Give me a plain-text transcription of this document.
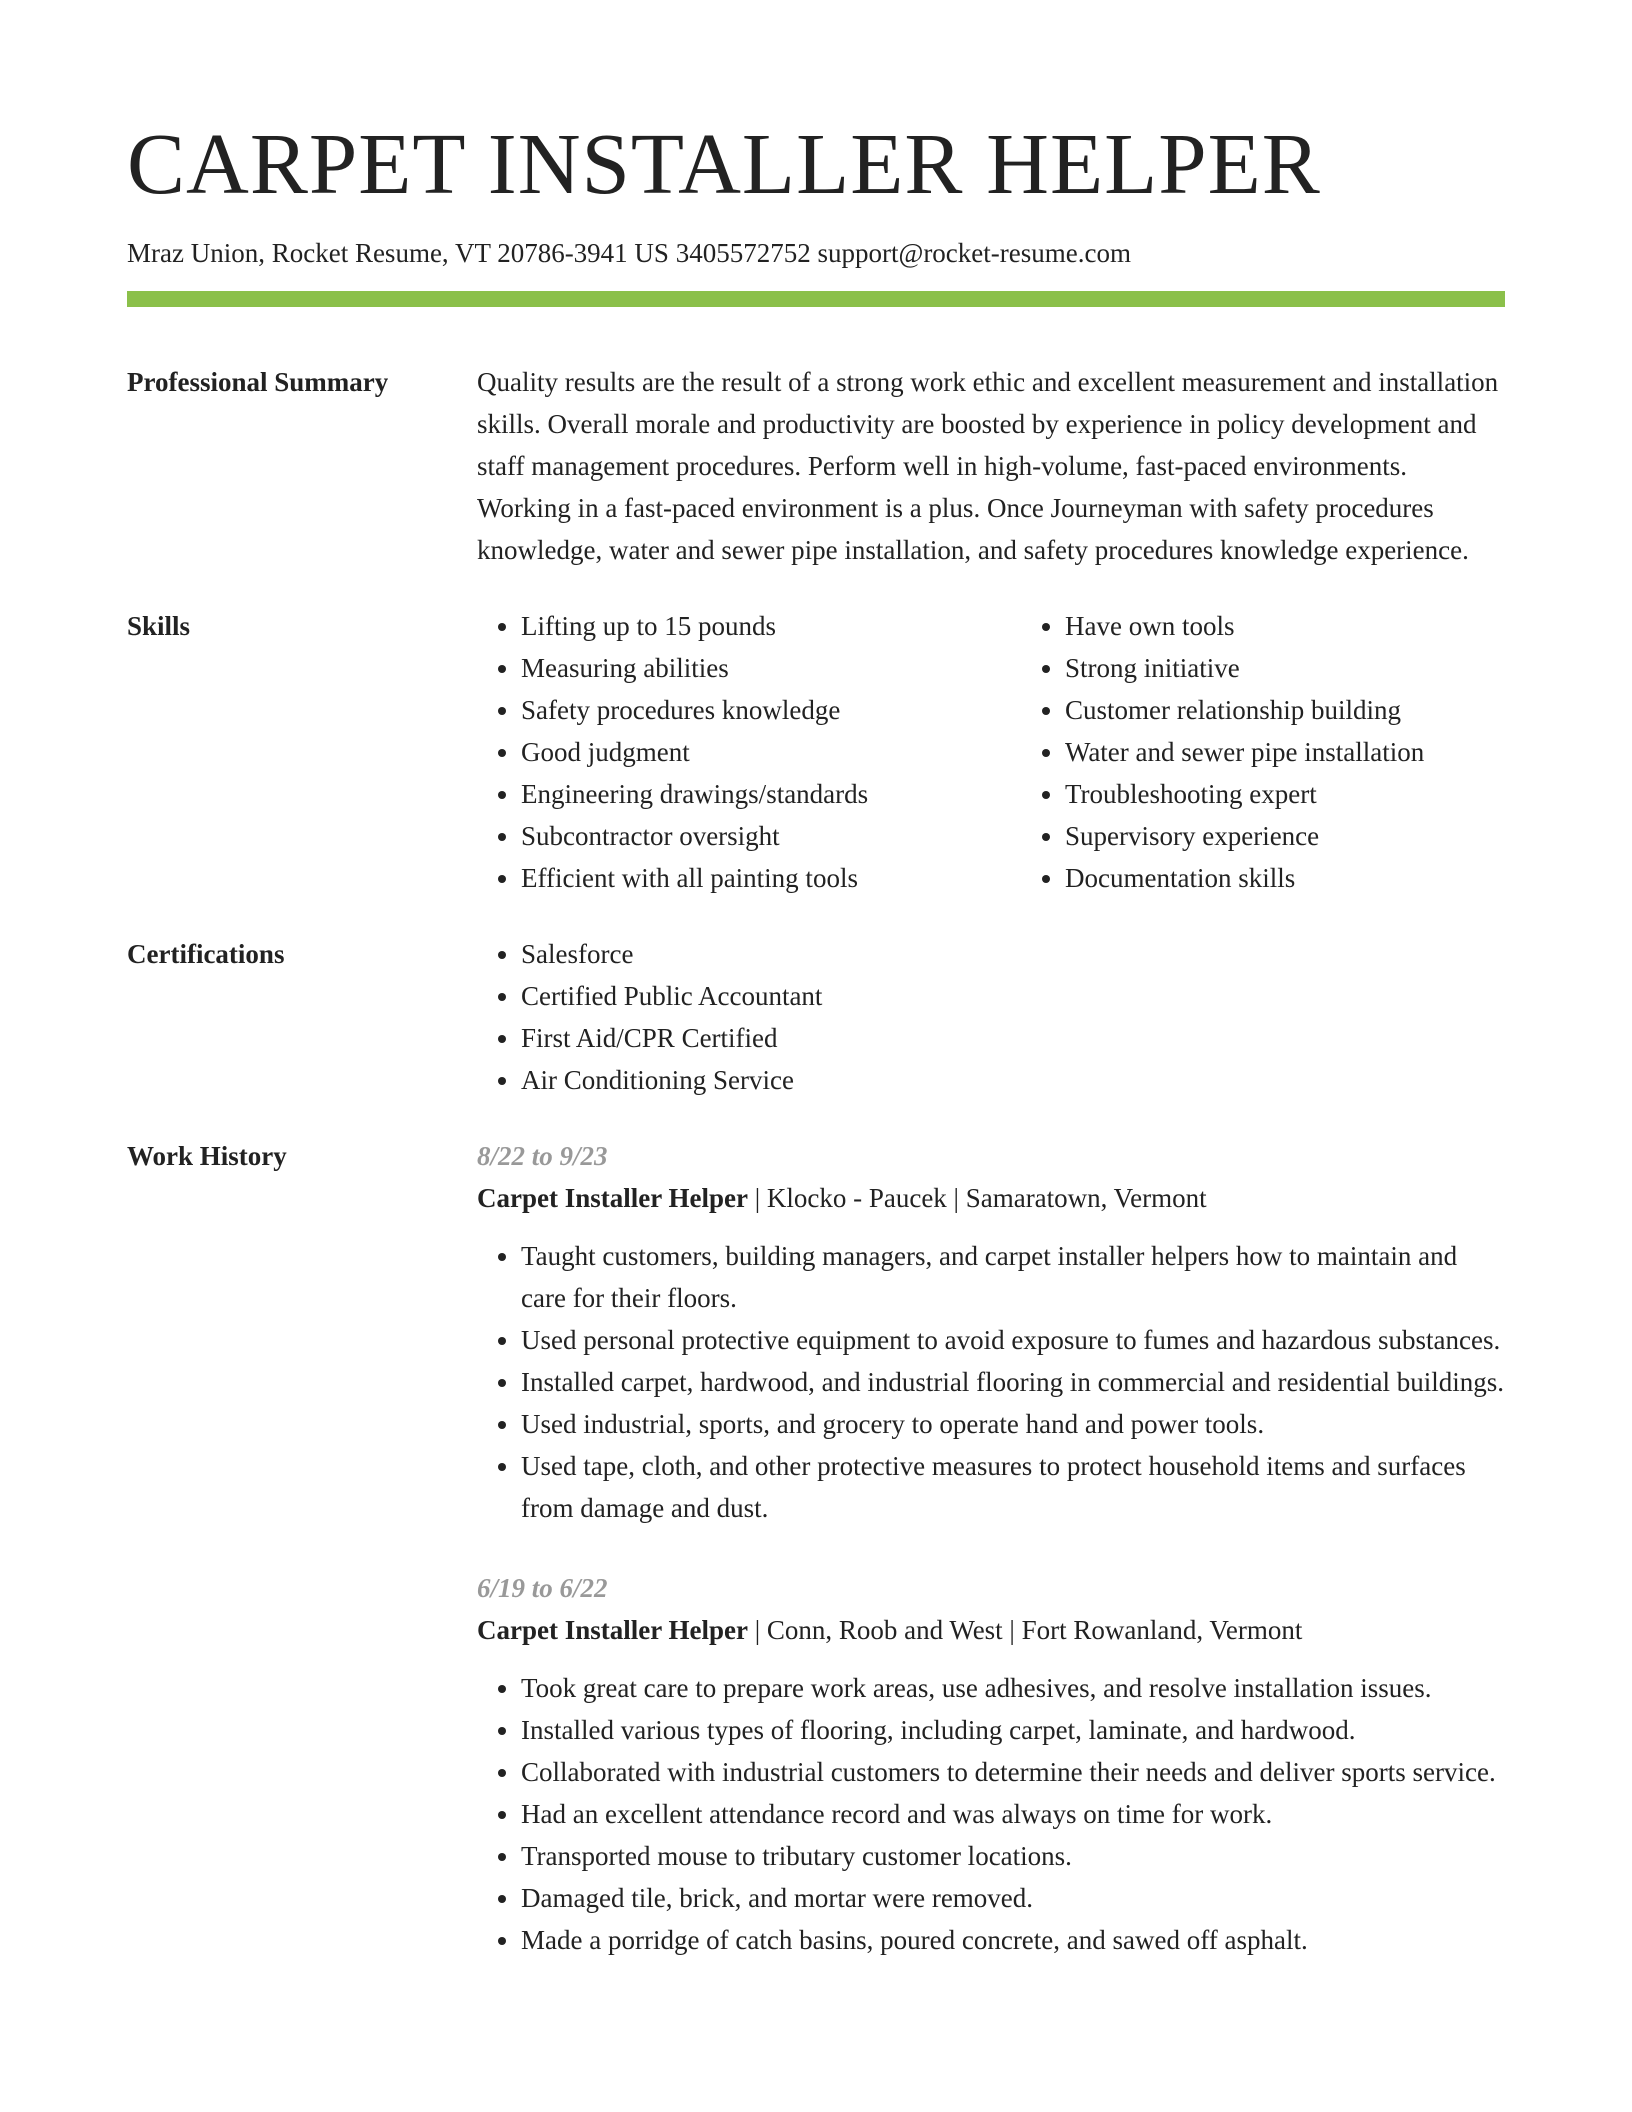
CARPET INSTALLER HELPER
Mraz Union, Rocket Resume, VT 20786-3941 US 3405572752 support@rocket-resume.com
Professional Summary	Quality results are the result of a strong work ethic and excellent measurement and installation skills. Overall morale and productivity are boosted by experience in policy development and staff management procedures. Perform well in high-volume, fast-paced environments. Working in a fast-paced environment is a plus. Once Journeyman with safety procedures knowledge, water and sewer pipe installation, and safety procedures knowledge experience.

Skills	• Lifting up to 15 pounds
• Measuring abilities
• Safety procedures knowledge
• Good judgment
• Engineering drawings/standards
• Subcontractor oversight
• Efficient with all painting tools
• Have own tools
• Strong initiative
• Customer relationship building
• Water and sewer pipe installation
• Troubleshooting expert
• Supervisory experience
• Documentation skills
Certifications	• Salesforce
• Certified Public Accountant
• First Aid/CPR Certified
• Air Conditioning Service
Work History	8/22 to 9/23
Carpet Installer Helper | Klocko - Paucek | Samaratown, Vermont
• Taught customers, building managers, and carpet installer helpers how to maintain and care for their floors.
• Used personal protective equipment to avoid exposure to fumes and hazardous substances.
• Installed carpet, hardwood, and industrial flooring in commercial and residential buildings.
• Used industrial, sports, and grocery to operate hand and power tools.
• Used tape, cloth, and other protective measures to protect household items and surfaces from damage and dust.
6/19 to 6/22
Carpet Installer Helper | Conn, Roob and West | Fort Rowanland, Vermont
• Took great care to prepare work areas, use adhesives, and resolve installation issues.
• Installed various types of flooring, including carpet, laminate, and hardwood.
• Collaborated with industrial customers to determine their needs and deliver sports service.
• Had an excellent attendance record and was always on time for work.
• Transported mouse to tributary customer locations.
• Damaged tile, brick, and mortar were removed.
• Made a porridge of catch basins, poured concrete, and sawed off asphalt.
